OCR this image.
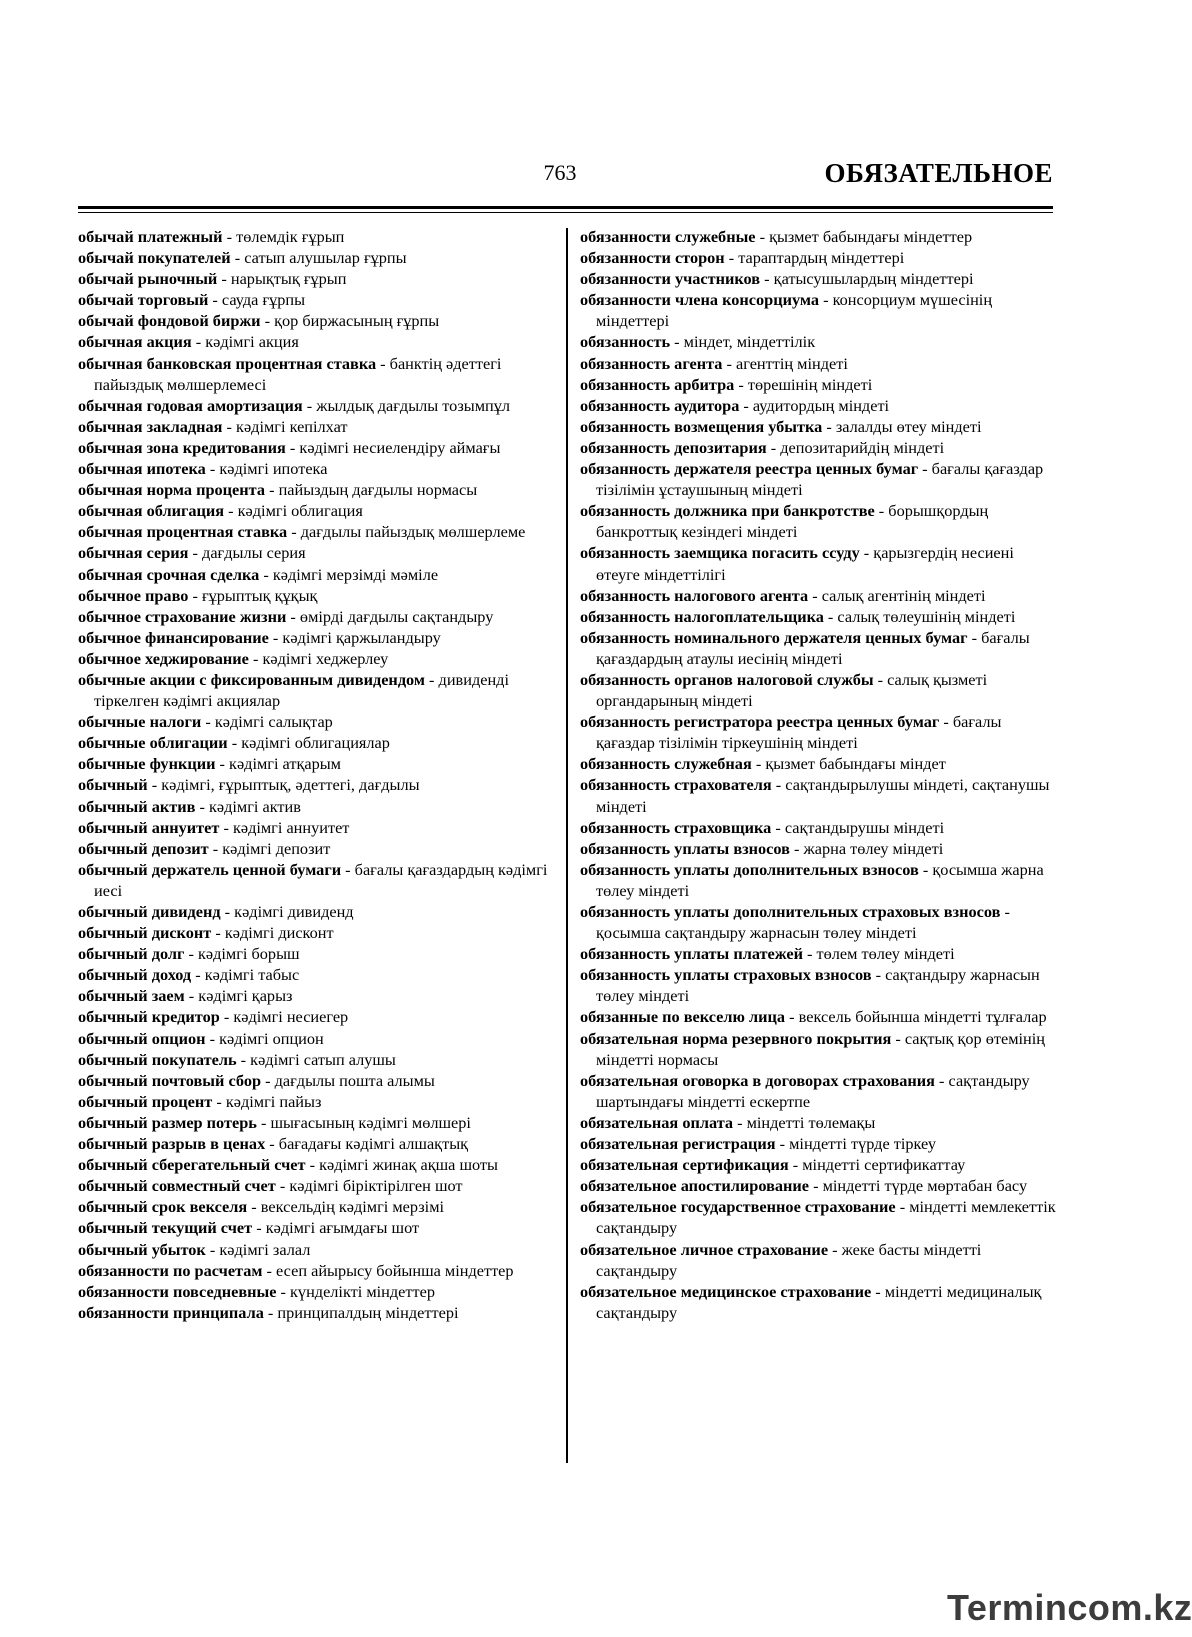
763	ОБЯЗАТЕЛЬНОЕ
обычай платежный - төлемдік ғұрып
обычай покупателей - сатып алушылар ғұрпы
обычай рыночный - нарықтық ғұрып
обычай торговый - сауда ғұрпы
обычай фондовой биржи - қор биржасының ғұрпы
обычная акция - кәдімгі акция
обычная банковская процентная ставка - банктің әдеттегі пайыздық мөлшерлемесі
обычная годовая амортизация - жылдық дағдылы тозымпұл
обычная закладная - кәдімгі кепілхат
обычная зона кредитования - кәдімгі несиелендіру аймағы
обычная ипотека - кәдімгі ипотека
обычная норма процента - пайыздың дағдылы нормасы
обычная облигация - кәдімгі облигация
обычная процентная ставка - дағдылы пайыздық мөлшерлеме
обычная серия - дағдылы серия
обычная срочная сделка - кәдімгі мерзімді мәміле
обычное право - ғұрыптық құқық
обычное страхование жизни - өмірді дағдылы сақтандыру
обычное финансирование - кәдімгі қаржыландыру
обычное хеджирование - кәдімгі хеджерлеу
обычные акции с фиксированным дивидендом - дивиденді тіркелген кәдімгі акциялар
обычные налоги - кәдімгі салықтар
обычные облигации - кәдімгі облигациялар
обычные функции - кәдімгі атқарым
обычный - кәдімгі, ғұрыптық, әдеттегі, дағдылы
обычный актив - кәдімгі актив
обычный аннуитет - кәдімгі аннуитет
обычный депозит - кәдімгі депозит
обычный держатель ценной бумаги - бағалы қағаздардың кәдімгі иесі
обычный дивиденд - кәдімгі дивиденд
обычный дисконт - кәдімгі дисконт
обычный долг - кәдімгі борыш
обычный доход - кәдімгі табыс
обычный заем - кәдімгі қарыз
обычный кредитор - кәдімгі несиегер
обычный опцион - кәдімгі опцион
обычный покупатель - кәдімгі сатып алушы
обычный почтовый сбор - дағдылы пошта алымы
обычный процент - кәдімгі пайыз
обычный размер потерь - шығасының кәдімгі мөлшері
обычный разрыв в ценах - бағадағы кәдімгі алшақтық
обычный сберегательный счет - кәдімгі жинақ ақша шоты
обычный совместный счет - кәдімгі біріктірілген шот
обычный срок векселя - вексельдің кәдімгі мерзімі
обычный текущий счет - кәдімгі ағымдағы шот
обычный убыток - кәдімгі залал
обязанности по расчетам - есеп айырысу бойынша міндеттер
обязанности повседневные - күнделікті міндеттер
обязанности принципала - принципалдың міндеттері
обязанности служебные - қызмет бабындағы міндеттер
обязанности сторон - тараптардың міндеттері
обязанности участников - қатысушылардың міндеттері
обязанности члена консорциума - консорциум мүшесінің міндеттері
обязанность - міндет, міндеттілік
обязанность агента - агенттің міндеті
обязанность арбитра - төрешінің міндеті
обязанность аудитора - аудитордың міндеті
обязанность возмещения убытка - залалды өтеу міндеті
обязанность депозитария - депозитарийдің міндеті
обязанность держателя реестра ценных бумаг - бағалы қағаздар тізілімін ұстаушының міндеті
обязанность должника при банкротстве - борышқордың банкроттық кезіндегі міндеті
обязанность заемщика погасить ссуду - қарызгердің несиені өтеуге міндеттілігі
обязанность налогового агента - салық агентінің міндеті
обязанность налогоплательщика - салық төлеушінің міндеті
обязанность номинального держателя ценных бумаг - бағалы қағаздардың атаулы иесінің міндеті
обязанность органов налоговой службы - салық қызметі органдарының міндеті
обязанность регистратора реестра ценных бумаг - бағалы қағаздар тізілімін тіркеушінің міндеті
обязанность служебная - қызмет бабындағы міндет
обязанность страхователя - сақтандырылушы міндеті, сақтанушы міндеті
обязанность страховщика - сақтандырушы міндеті
обязанность уплаты взносов - жарна төлеу міндеті
обязанность уплаты дополнительных взносов - қосымша жарна төлеу міндеті
обязанность уплаты дополнительных страховых взносов - қосымша сақтандыру жарнасын төлеу міндеті
обязанность уплаты платежей - төлем төлеу міндеті
обязанность уплаты страховых взносов - сақтандыру жарнасын төлеу міндеті
обязанные по векселю лица - вексель бойынша міндетті тұлғалар
обязательная норма резервного покрытия - сақтық қор өтемінің міндетті нормасы
обязательная оговорка в договорах страхования - сақтандыру шартындағы міндетті ескертпе
обязательная оплата - міндетті төлемақы
обязательная регистрация - міндетті түрде тіркеу
обязательная сертификация - міндетті сертификаттау
обязательное апостилирование - міндетті түрде мөртабан басу
обязательное государственное страхование - міндетті мемлекеттік сақтандыру
обязательное личное страхование - жеке басты міндетті сақтандыру
обязательное медицинское страхование - міндетті медициналық сақтандыру
Termincom.kz
